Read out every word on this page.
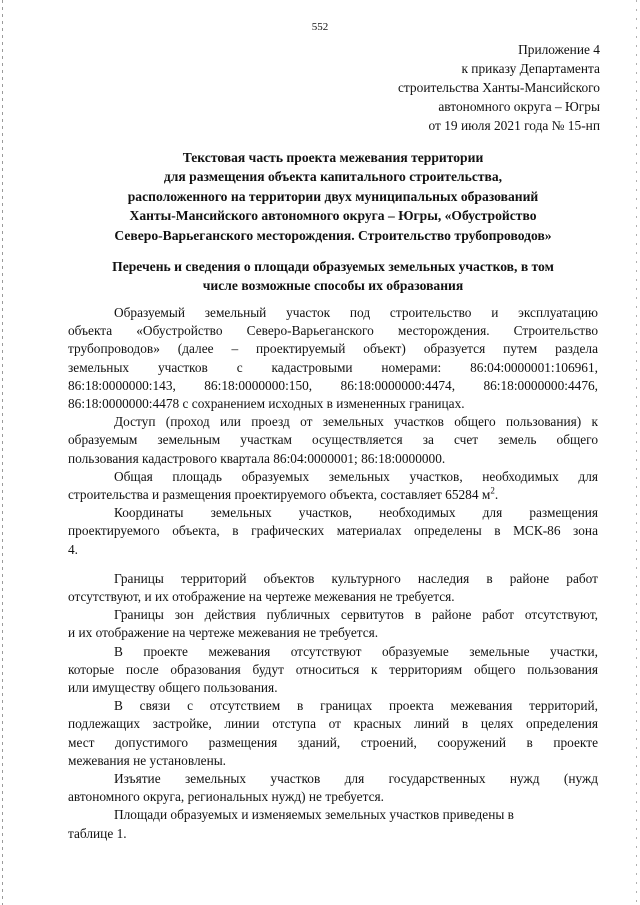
552
Приложение 4
к приказу Департамента
строительства Ханты-Мансийского
автономного округа – Югры
от 19 июля 2021 года № 15-нп
Текстовая часть проекта межевания территории
для размещения объекта капитального строительства,
расположенного на территории двух муниципальных образований
Ханты-Мансийского автономного округа – Югры, «Обустройство
Северо-Варьеганского месторождения. Строительство трубопроводов»
Перечень и сведения о площади образуемых земельных участков, в том
числе возможные способы их образования
Образуемый земельный участок под строительство и эксплуатацию
объекта «Обустройство Северо-Варьеганского месторождения. Строительство
трубопроводов» (далее – проектируемый объект) образуется путем раздела
земельных участков с кадастровыми номерами: 86:04:0000001:106961,
86:18:0000000:143, 86:18:0000000:150, 86:18:0000000:4474, 86:18:0000000:4476,
86:18:0000000:4478 с сохранением исходных в измененных границах.
Доступ (проход или проезд от земельных участков общего пользования) к
образуемым земельным участкам осуществляется за счет земель общего
пользования кадастрового квартала 86:04:0000001; 86:18:0000000.
Общая площадь образуемых земельных участков, необходимых для
строительства и размещения проектируемого объекта, составляет 65284 $м^2$.
Координаты земельных участков, необходимых для размещения
проектируемого объекта, в графических материалах определены в МСК-86 зона
4.
Границы территорий объектов культурного наследия в районе работ
отсутствуют, и их отображение на чертеже межевания не требуется.
Границы зон действия публичных сервитутов в районе работ отсутствуют,
и их отображение на чертеже межевания не требуется.
В проекте межевания отсутствуют образуемые земельные участки,
которые после образования будут относиться к территориям общего пользования
или имуществу общего пользования.
В связи с отсутствием в границах проекта межевания территорий,
подлежащих застройке, линии отступа от красных линий в целях определения
мест допустимого размещения зданий, строений, сооружений в проекте
межевания не установлены.
Изъятие земельных участков для государственных нужд (нужд
автономного округа, региональных нужд) не требуется.
Площади образуемых и изменяемых земельных участков приведены в
таблице 1.
